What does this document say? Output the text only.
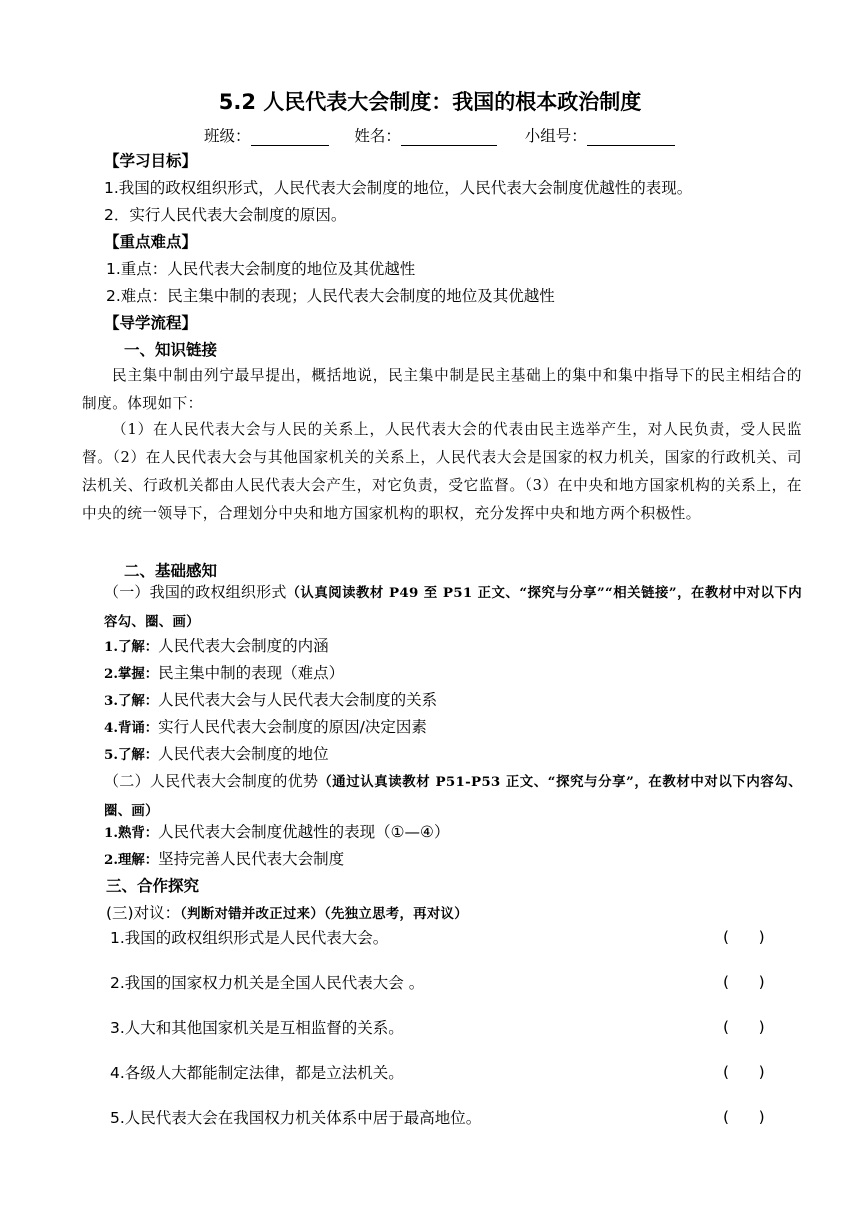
5.2 人民代表大会制度：我国的根本政治制度
班级：	姓名：	小组号：
【学习目标】
1.我国的政权组织形式，人民代表大会制度的地位，人民代表大会制度优越性的表现。
2．实行人民代表大会制度的原因。
【重点难点】
1.重点：人民代表大会制度的地位及其优越性
2.难点：民主集中制的表现；人民代表大会制度的地位及其优越性
【导学流程】
一、知识链接
民主集中制由列宁最早提出，概括地说，民主集中制是民主基础上的集中和集中指导下的民主相结合的制度。体现如下：
（1）在人民代表大会与人民的关系上，人民代表大会的代表由民主选举产生，对人民负责，受人民监督。（2）在人民代表大会与其他国家机关的关系上，人民代表大会是国家的权力机关，国家的行政机关、司法机关、行政机关都由人民代表大会产生，对它负责，受它监督。（3）在中央和地方国家机构的关系上，在中央的统一领导下，合理划分中央和地方国家机构的职权，充分发挥中央和地方两个积极性。
二、基础感知
（一）我国的政权组织形式（认真阅读教材 P49 至 P51 正文、“探究与分享”“相关链接”，在教材中对以下内容勾、圈、画）
1.了解：人民代表大会制度的内涵
2.掌握：民主集中制的表现（难点）
3.了解：人民代表大会与人民代表大会制度的关系
4.背诵：实行人民代表大会制度的原因/决定因素
5.了解：人民代表大会制度的地位
（二）人民代表大会制度的优势（通过认真读教材 P51-P53 正文、“探究与分享”，在教材中对以下内容勾、圈、画）
1.熟背：人民代表大会制度优越性的表现（①—④）
2.理解：坚持完善人民代表大会制度
三、合作探究
(三)对议：（判断对错并改正过来）（先独立思考，再对议）
1.我国的政权组织形式是人民代表大会。	(      )
2.我国的国家权力机关是全国人民代表大会 。	(      )
3.人大和其他国家机关是互相监督的关系。	(      )
4.各级人大都能制定法律，都是立法机关。	(      )
5.人民代表大会在我国权力机关体系中居于最高地位。	(      )
